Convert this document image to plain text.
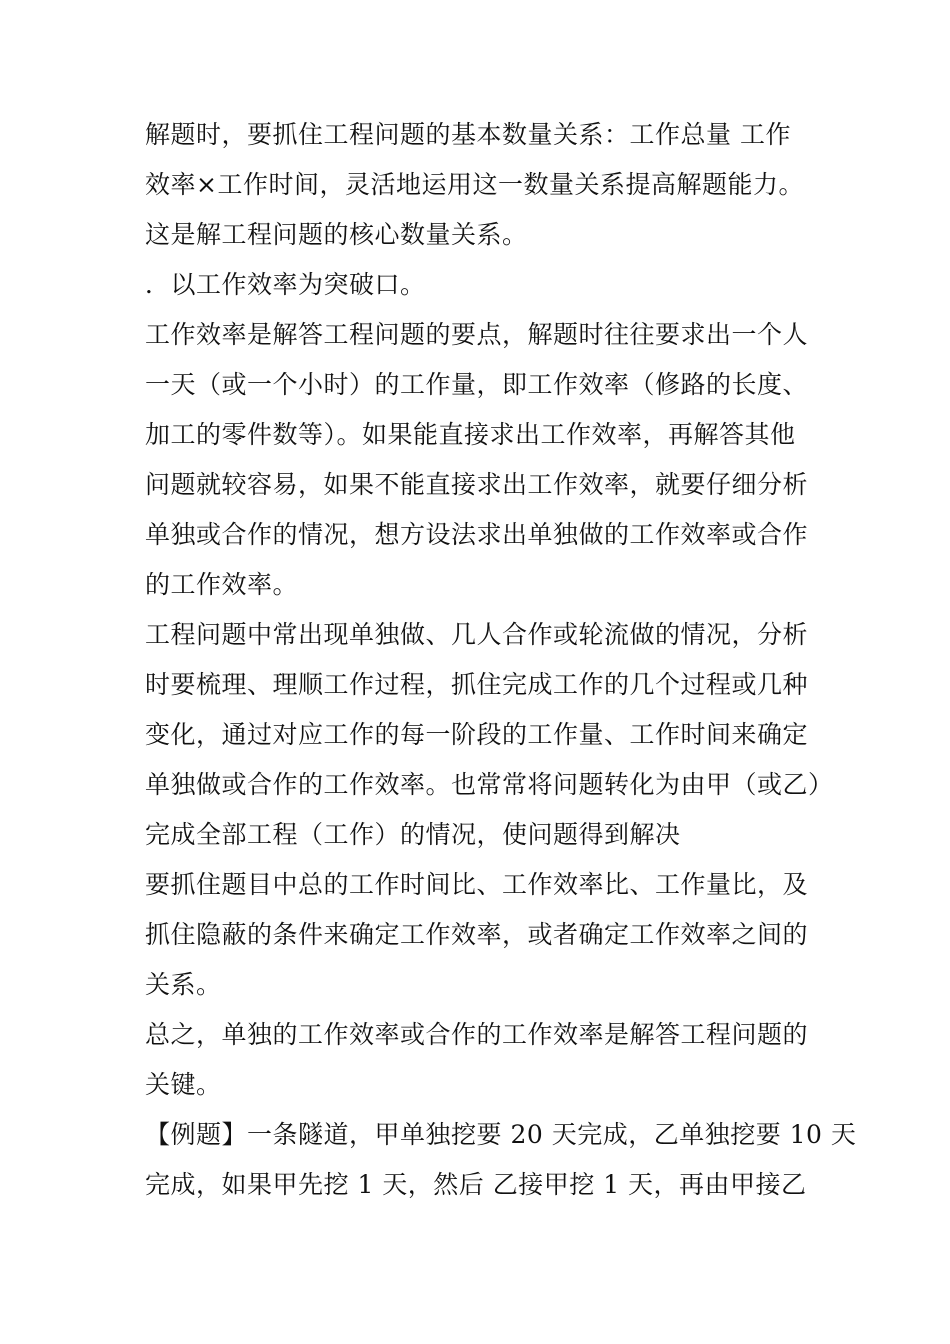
解题时，要抓住工程问题的基本数量关系：工作总量 工作
效率×工作时间，灵活地运用这一数量关系提高解题能力。
这是解工程问题的核心数量关系。
．以工作效率为突破口。
工作效率是解答工程问题的要点，解题时往往要求出一个人
一天（或一个小时）的工作量，即工作效率（修路的长度、
加工的零件数等）。如果能直接求出工作效率，再解答其他
问题就较容易，如果不能直接求出工作效率，就要仔细分析
单独或合作的情况，想方设法求出单独做的工作效率或合作
的工作效率。
工程问题中常出现单独做、几人合作或轮流做的情况，分析
时要梳理、理顺工作过程，抓住完成工作的几个过程或几种
变化，通过对应工作的每一阶段的工作量、工作时间来确定
单独做或合作的工作效率。也常常将问题转化为由甲（或乙）
完成全部工程（工作）的情况，使问题得到解决
要抓住题目中总的工作时间比、工作效率比、工作量比，及
抓住隐蔽的条件来确定工作效率，或者确定工作效率之间的
关系。
总之，单独的工作效率或合作的工作效率是解答工程问题的
关键。
【例题】一条隧道，甲单独挖要 20 天完成，乙单独挖要 10 天
完成，如果甲先挖 1 天，然后 乙接甲挖 1 天，再由甲接乙
